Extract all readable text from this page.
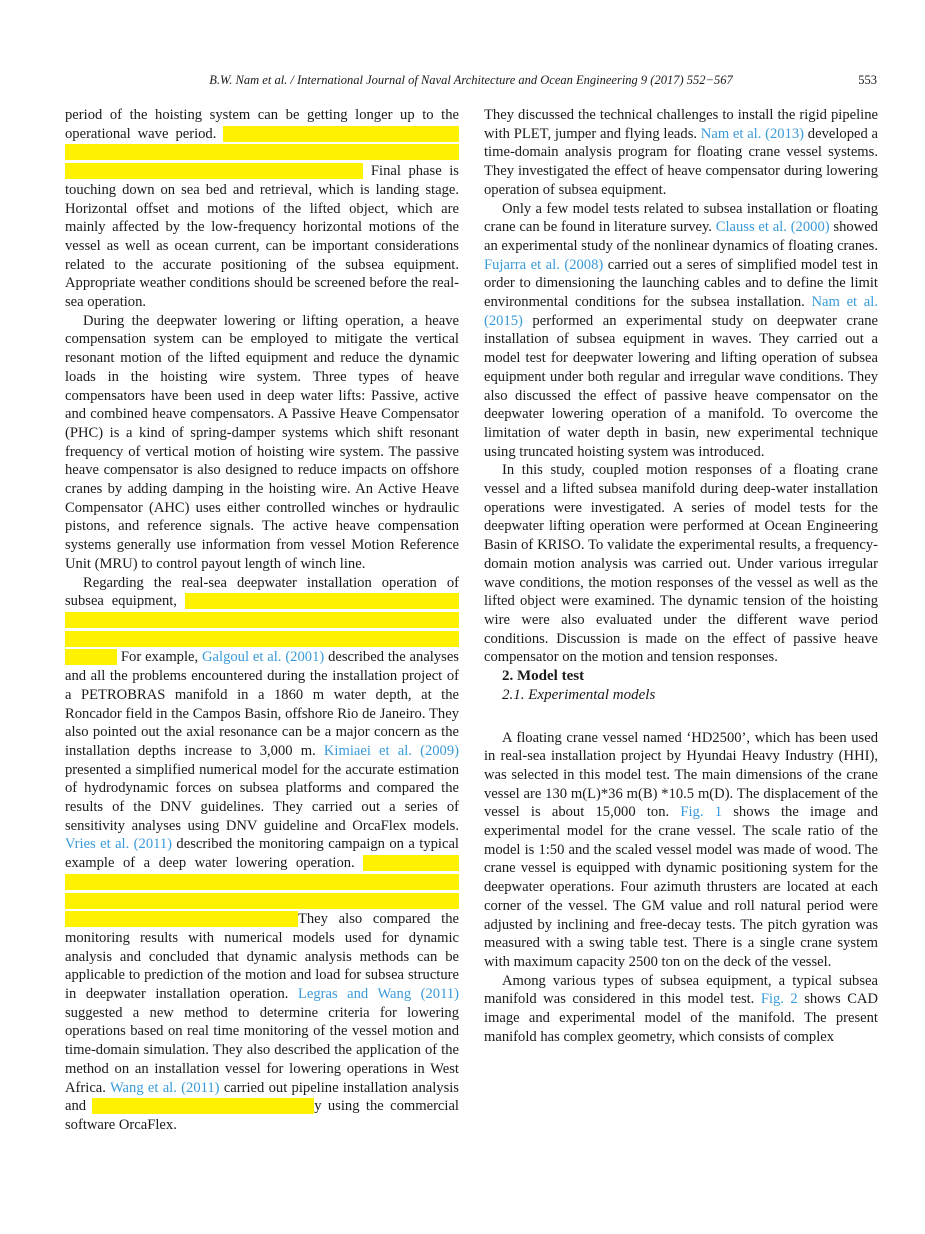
B.W. Nam et al. / International Journal of Naval Architecture and Ocean Engineering 9 (2017) 552−567	553

period of the hoisting system can be getting longer up to the operational wave period. During this phase, the resonant heave motion of the lifted object may occur and the dynamic tension can become significantly large in the hoisting wire. Final phase is touching down on sea bed and retrieval, which is landing stage. Horizontal offset and motions of the lifted object, which are mainly affected by the low-frequency horizontal motions of the vessel as well as ocean current, can be important considerations related to the accurate positioning of the subsea equipment. Appropriate weather conditions should be screened before the real-sea operation.

During the deepwater lowering or lifting operation, a heave compensation system can be employed to mitigate the vertical resonant motion of the lifted equipment and reduce the dynamic loads in the hoisting wire system. Three types of heave compensators have been used in deep water lifts: Passive, active and combined heave compensators. A Passive Heave Compensator (PHC) is a kind of spring-damper systems which shift resonant frequency of vertical motion of hoisting wire system. The passive heave compensator is also designed to reduce impacts on offshore cranes by adding damping in the hoisting wire. An Active Heave Compensator (AHC) uses either controlled winches or hydraulic pistons, and reference signals. The active heave compensation systems generally use information from vessel Motion Reference Unit (MRU) to control payout length of winch line.

Regarding the real-sea deepwater installation operation of subsea equipment, many studies have been carried out on the analysis methods and the monitoring of offshore installation operations to ensure the safety and efficiency of the operation in the field. For example, Galgoul et al. (2001) described the analyses and all the problems encountered during the installation project of a PETROBRAS manifold in a 1860 m water depth, at the Roncador field in the Campos Basin, offshore Rio de Janeiro. They also pointed out the axial resonance can be a major concern as the installation depths increase to 3,000 m. Kimiaei et al. (2009) presented a simplified numerical model for the accurate estimation of hydrodynamic forces on subsea platforms and compared the results of the DNV guidelines. They carried out a series of sensitivity analyses using DNV guideline and OrcaFlex models. Vries et al. (2011) described the monitoring campaign on a typical example of a deep water lowering operation. The monitoring included the motions of the vessel and the lifted object and the tension in the hoisting wire during the complete installation in the field for the deepwater application.They also compared the monitoring results with numerical models used for dynamic analysis and concluded that dynamic analysis methods can be applicable to prediction of the motion and load for subsea structure in deepwater installation operation. Legras and Wang (2011) suggested a new method to determine criteria for lowering operations based on real time monitoring of the vessel motion and time-domain simulation. They also described the application of the method on an installation vessel for lowering operations in West Africa. Wang et al. (2011) carried out pipeline installation analysis and subsea structure lowering analysis by using the commercial software OrcaFlex.

They discussed the technical challenges to install the rigid pipeline with PLET, jumper and flying leads. Nam et al. (2013) developed a time-domain analysis program for floating crane vessel systems. They investigated the effect of heave compensator during lowering operation of subsea equipment.

Only a few model tests related to subsea installation or floating crane can be found in literature survey. Clauss et al. (2000) showed an experimental study of the nonlinear dynamics of floating cranes. Fujarra et al. (2008) carried out a seres of simplified model test in order to dimensioning the launching cables and to define the limit environmental conditions for the subsea installation. Nam et al. (2015) performed an experimental study on deepwater crane installation of subsea equipment in waves. They carried out a model test for deepwater lowering and lifting operation of subsea equipment under both regular and irregular wave conditions. They also discussed the effect of passive heave compensator on the deepwater lowering operation of a manifold. To overcome the limitation of water depth in basin, new experimental technique using truncated hoisting system was introduced.

In this study, coupled motion responses of a floating crane vessel and a lifted subsea manifold during deep-water installation operations were investigated. A series of model tests for the deepwater lifting operation were performed at Ocean Engineering Basin of KRISO. To validate the experimental results, a frequency-domain motion analysis was carried out. Under various irregular wave conditions, the motion responses of the vessel as well as the lifted object were examined. The dynamic tension of the hoisting wire were also evaluated under the different wave period conditions. Discussion is made on the effect of passive heave compensator on the motion and tension responses.

2. Model test

2.1. Experimental models

A floating crane vessel named ‘HD2500’, which has been used in real-sea installation project by Hyundai Heavy Industry (HHI), was selected in this model test. The main dimensions of the crane vessel are 130 m(L)*36 m(B) *10.5 m(D). The displacement of the vessel is about 15,000 ton. Fig. 1 shows the image and experimental model for the crane vessel. The scale ratio of the model is 1:50 and the scaled vessel model was made of wood. The crane vessel is equipped with dynamic positioning system for the deepwater operations. Four azimuth thrusters are located at each corner of the vessel. The GM value and roll natural period were adjusted by inclining and free-decay tests. The pitch gyration was measured with a swing table test. There is a single crane system with maximum capacity 2500 ton on the deck of the vessel.

Among various types of subsea equipment, a typical subsea manifold was considered in this model test. Fig. 2 shows CAD image and experimental model of the manifold. The present manifold has complex geometry, which consists of complex
